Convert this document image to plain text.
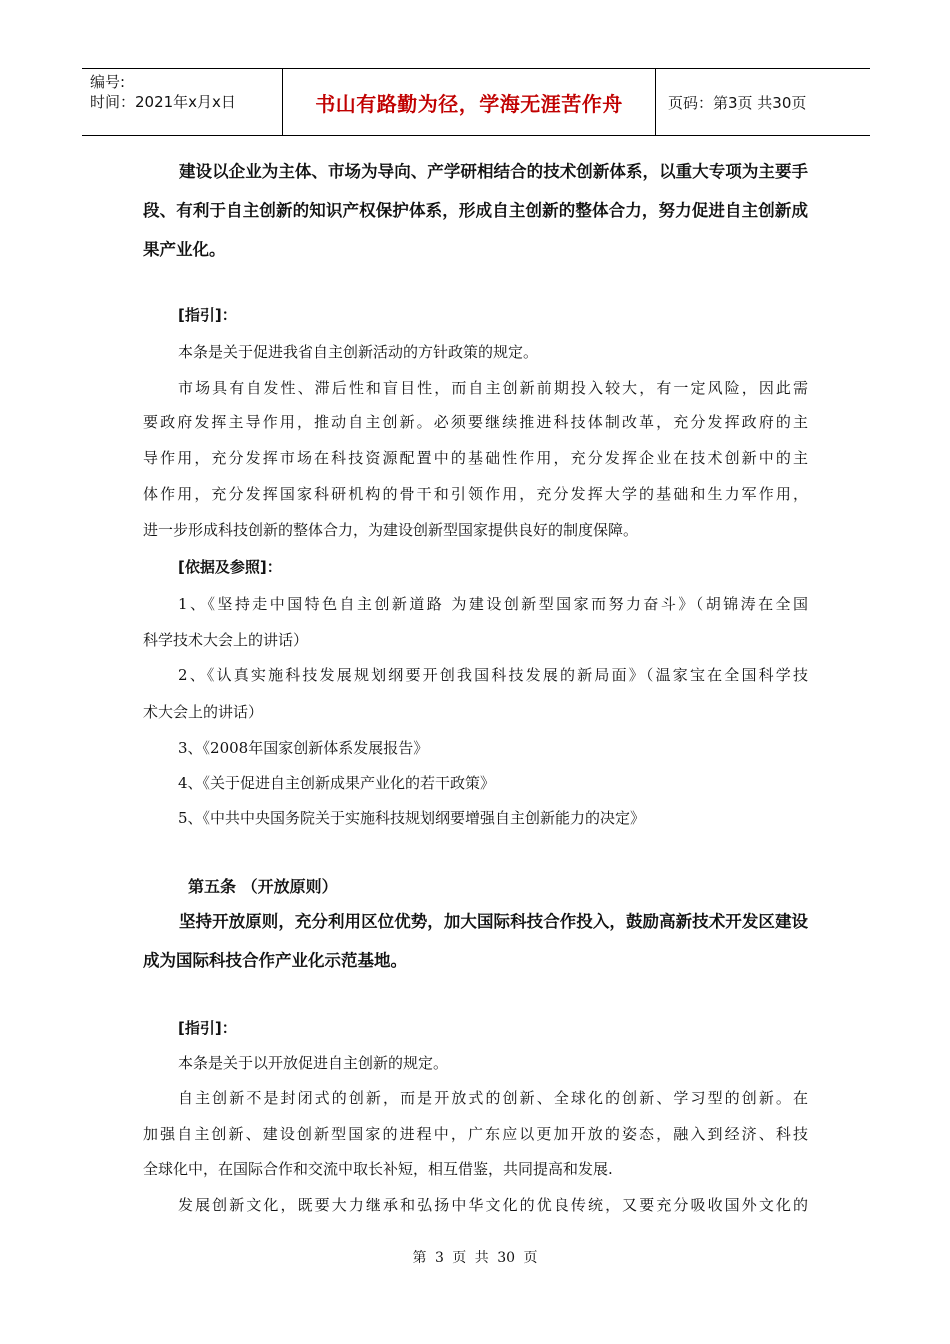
编号:
时间：2021年x月x日	书山有路勤为径，学海无涯苦作舟	页码：第3页 共30页
建设以企业为主体、市场为导向、产学研相结合的技术创新体系，以重大专项为主要手段、有利于自主创新的知识产权保护体系，形成自主创新的整体合力，努力促进自主创新成果产业化。
[指引]：
本条是关于促进我省自主创新活动的方针政策的规定。
市场具有自发性、滞后性和盲目性，而自主创新前期投入较大，有一定风险，因此需
要政府发挥主导作用，推动自主创新。必须要继续推进科技体制改革，充分发挥政府的主
导作用，充分发挥市场在科技资源配置中的基础性作用，充分发挥企业在技术创新中的主
体作用，充分发挥国家科研机构的骨干和引领作用，充分发挥大学的基础和生力军作用，
进一步形成科技创新的整体合力，为建设创新型国家提供良好的制度保障。
[依据及参照]：
1、《坚持走中国特色自主创新道路 为建设创新型国家而努力奋斗》（胡锦涛在全国
科学技术大会上的讲话）
2、《认真实施科技发展规划纲要开创我国科技发展的新局面》（温家宝在全国科学技
术大会上的讲话）
3、《2008年国家创新体系发展报告》
4、《关于促进自主创新成果产业化的若干政策》
5、《中共中央国务院关于实施科技规划纲要增强自主创新能力的决定》
第五条 （开放原则）
坚持开放原则，充分利用区位优势，加大国际科技合作投入，鼓励高新技术开发区建设成为国际科技合作产业化示范基地。
[指引]：
本条是关于以开放促进自主创新的规定。
自主创新不是封闭式的创新，而是开放式的创新、全球化的创新、学习型的创新。在
加强自主创新、建设创新型国家的进程中，广东应以更加开放的姿态，融入到经济、科技
全球化中，在国际合作和交流中取长补短，相互借鉴，共同提高和发展.
发展创新文化，既要大力继承和弘扬中华文化的优良传统，又要充分吸收国外文化的
第 3 页 共 30 页
